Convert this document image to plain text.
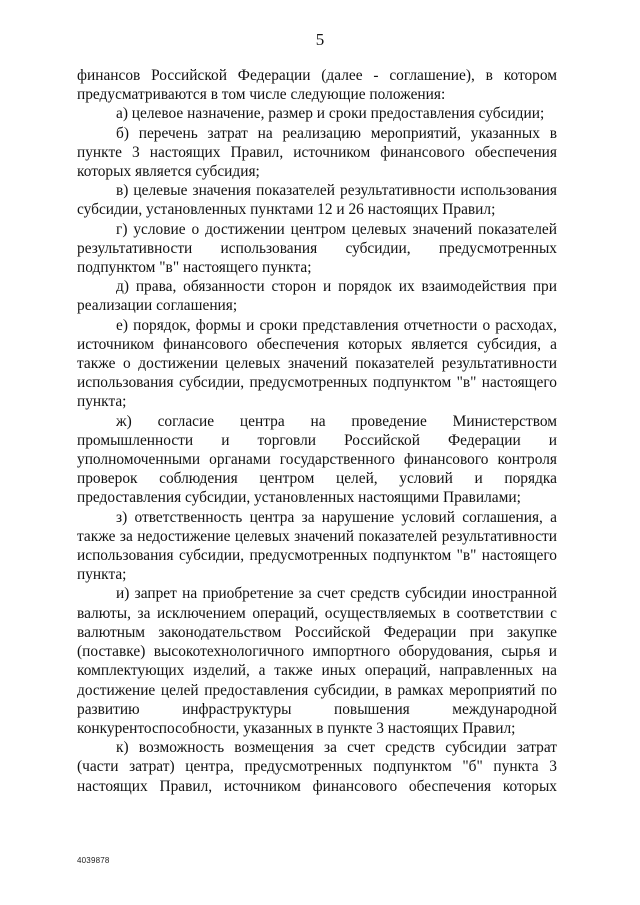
5

финансов Российской Федерации (далее - соглашение), в котором предусматриваются в том числе следующие положения:

а) целевое назначение, размер и сроки предоставления субсидии;

б) перечень затрат на реализацию мероприятий, указанных в пункте 3 настоящих Правил, источником финансового обеспечения которых является субсидия;

в) целевые значения показателей результативности использования субсидии, установленных пунктами 12 и 26 настоящих Правил;

г) условие о достижении центром целевых значений показателей результативности использования субсидии, предусмотренных подпунктом "в" настоящего пункта;

д) права, обязанности сторон и порядок их взаимодействия при реализации соглашения;

е) порядок, формы и сроки представления отчетности о расходах, источником финансового обеспечения которых является субсидия, а также о достижении целевых значений показателей результативности использования субсидии, предусмотренных подпунктом "в" настоящего пункта;

ж) согласие центра на проведение Министерством промышленности и торговли Российской Федерации и уполномоченными органами государственного финансового контроля проверок соблюдения центром целей, условий и порядка предоставления субсидии, установленных настоящими Правилами;

з) ответственность центра за нарушение условий соглашения, а также за недостижение целевых значений показателей результативности использования субсидии, предусмотренных подпунктом "в" настоящего пункта;

и) запрет на приобретение за счет средств субсидии иностранной валюты, за исключением операций, осуществляемых в соответствии с валютным законодательством Российской Федерации при закупке (поставке) высокотехнологичного импортного оборудования, сырья и комплектующих изделий, а также иных операций, направленных на достижение целей предоставления субсидии, в рамках мероприятий по развитию инфраструктуры повышения международной конкурентоспособности, указанных в пункте 3 настоящих Правил;

к) возможность возмещения за счет средств субсидии затрат (части затрат) центра, предусмотренных подпунктом "б" пункта 3 настоящих Правил, источником финансового обеспечения которых

4039878
